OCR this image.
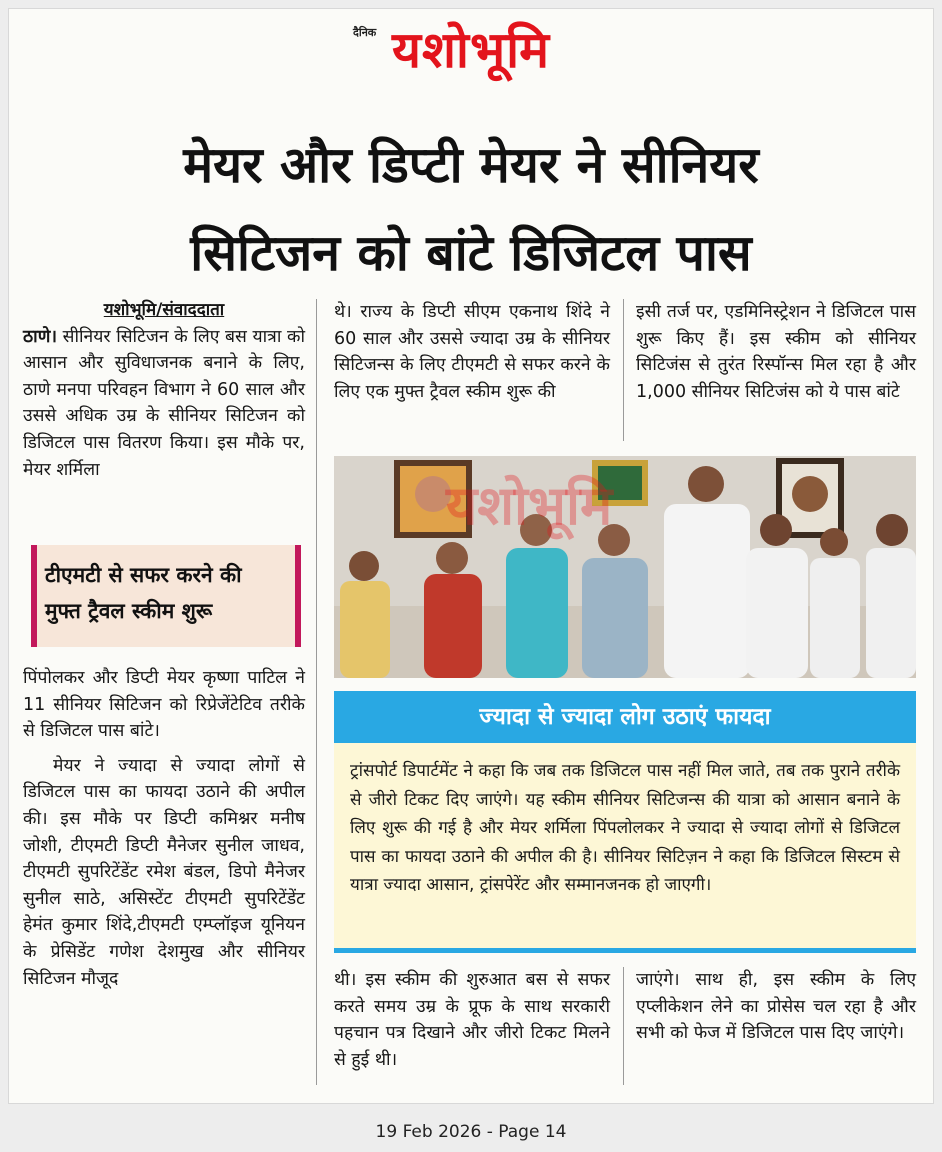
दैनिक यशोभूमि
मेयर और डिप्टी मेयर ने सीनियर
सिटिजन को बांटे डिजिटल पास
यशोभूमि/संवाददाता

ठाणे। सीनियर सिटिजन के लिए बस यात्रा को आसान और सुविधाजनक बनाने के लिए, ठाणे मनपा परिवहन विभाग ने 60 साल और उससे अधिक उम्र के सीनियर सिटिजन को डिजिटल पास वितरण किया। इस मौके पर, मेयर शर्मिला

टीएमटी से सफर करने की
मुफ्त ट्रैवल स्कीम शुरू

पिंपोलकर और डिप्टी मेयर कृष्णा पाटिल ने 11 सीनियर सिटिजन को रिप्रेजेंटेटिव तरीके से डिजिटल पास बांटे।

मेयर ने ज्यादा से ज्यादा लोगों से डिजिटल पास का फायदा उठाने की अपील की। इस मौके पर डिप्टी कमिश्नर मनीष जोशी, टीएमटी डिप्टी मैनेजर सुनील जाधव, टीएमटी सुपरिटेंडेंट रमेश बंडल, डिपो मैनेजर सुनील साठे, असिस्टेंट टीएमटी सुपरिटेंडेंट हेमंत कुमार शिंदे,टीएमटी एम्प्लॉइज यूनियन के प्रेसिडेंट गणेश देशमुख और सीनियर सिटिजन मौजूद

थे। राज्य के डिप्टी सीएम एकनाथ शिंदे ने 60 साल और उससे ज्यादा उम्र के सीनियर सिटिजन्स के लिए टीएमटी से सफर करने के लिए एक मुफ्त ट्रैवल स्कीम शुरू की

इसी तर्ज पर, एडमिनिस्ट्रेशन ने डिजिटल पास शुरू किए हैं। इस स्कीम को सीनियर सिटिजंस से तुरंत रिस्पॉन्स मिल रहा है और 1,000 सीनियर सिटिजंस को ये पास बांटे

यशोभूमि
ज्यादा से ज्यादा लोग उठाएं फायदा

ट्रांसपोर्ट डिपार्टमेंट ने कहा कि जब तक डिजिटल पास नहीं मिल जाते, तब तक पुराने तरीके से जीरो टिकट दिए जाएंगे। यह स्कीम सीनियर सिटिजन्स की यात्रा को आसान बनाने के लिए शुरू की गई है और मेयर शर्मिला पिंपलोलकर ने ज्यादा से ज्यादा लोगों से डिजिटल पास का फायदा उठाने की अपील की है। सीनियर सिटिज़न ने कहा कि डिजिटल सिस्टम से यात्रा ज्यादा आसान, ट्रांसपेरेंट और सम्मानजनक हो जाएगी।

थी। इस स्कीम की शुरुआत बस से सफर करते समय उम्र के प्रूफ के साथ सरकारी पहचान पत्र दिखाने और जीरो टिकट मिलने से हुई थी।

जाएंगे। साथ ही, इस स्कीम के लिए एप्लीकेशन लेने का प्रोसेस चल रहा है और सभी को फेज में डिजिटल पास दिए जाएंगे।

19 Feb 2026 - Page 14
